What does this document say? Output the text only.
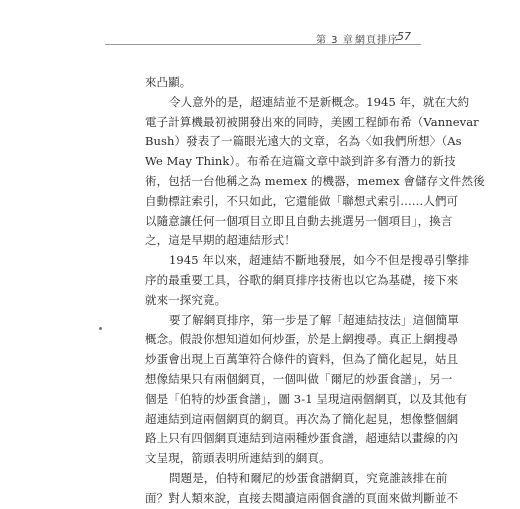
第 3 章 網頁排序
57
來凸顯。
令人意外的是，超連結並不是新概念。1945 年，就在大約
電子計算機最初被開發出來的同時，美國工程師布希（Vannevar
Bush）發表了一篇眼光遠大的文章，名為〈如我們所想〉（As
We May Think）。布希在這篇文章中談到許多有潛力的新技
術，包括一台他稱之為 memex 的機器，memex 會儲存文件然後
自動標註索引，不只如此，它還能做「聯想式索引……人們可
以隨意讓任何一個項目立即且自動去挑選另一個項目」，換言
之，這是早期的超連結形式！
1945 年以來，超連結不斷地發展，如今不但是搜尋引擎排
序的最重要工具，谷歌的網頁排序技術也以它為基礎，接下來
就來一探究竟。
要了解網頁排序，第一步是了解「超連結技法」這個簡單
概念。假設你想知道如何炒蛋，於是上網搜尋。真正上網搜尋
炒蛋會出現上百萬筆符合條件的資料，但為了簡化起見，姑且
想像結果只有兩個網頁，一個叫做「爾尼的炒蛋食譜」，另一
個是「伯特的炒蛋食譜」，圖 3-1 呈現這兩個網頁，以及其他有
超連結到這兩個網頁的網頁。再次為了簡化起見，想像整個網
路上只有四個網頁連結到這兩種炒蛋食譜，超連結以畫線的內
文呈現，箭頭表明所連結到的網頁。
問題是，伯特和爾尼的炒蛋食譜網頁，究竟誰該排在前
面？對人類來說，直接去閱讀這兩個食譜的頁面來做判斷並不
